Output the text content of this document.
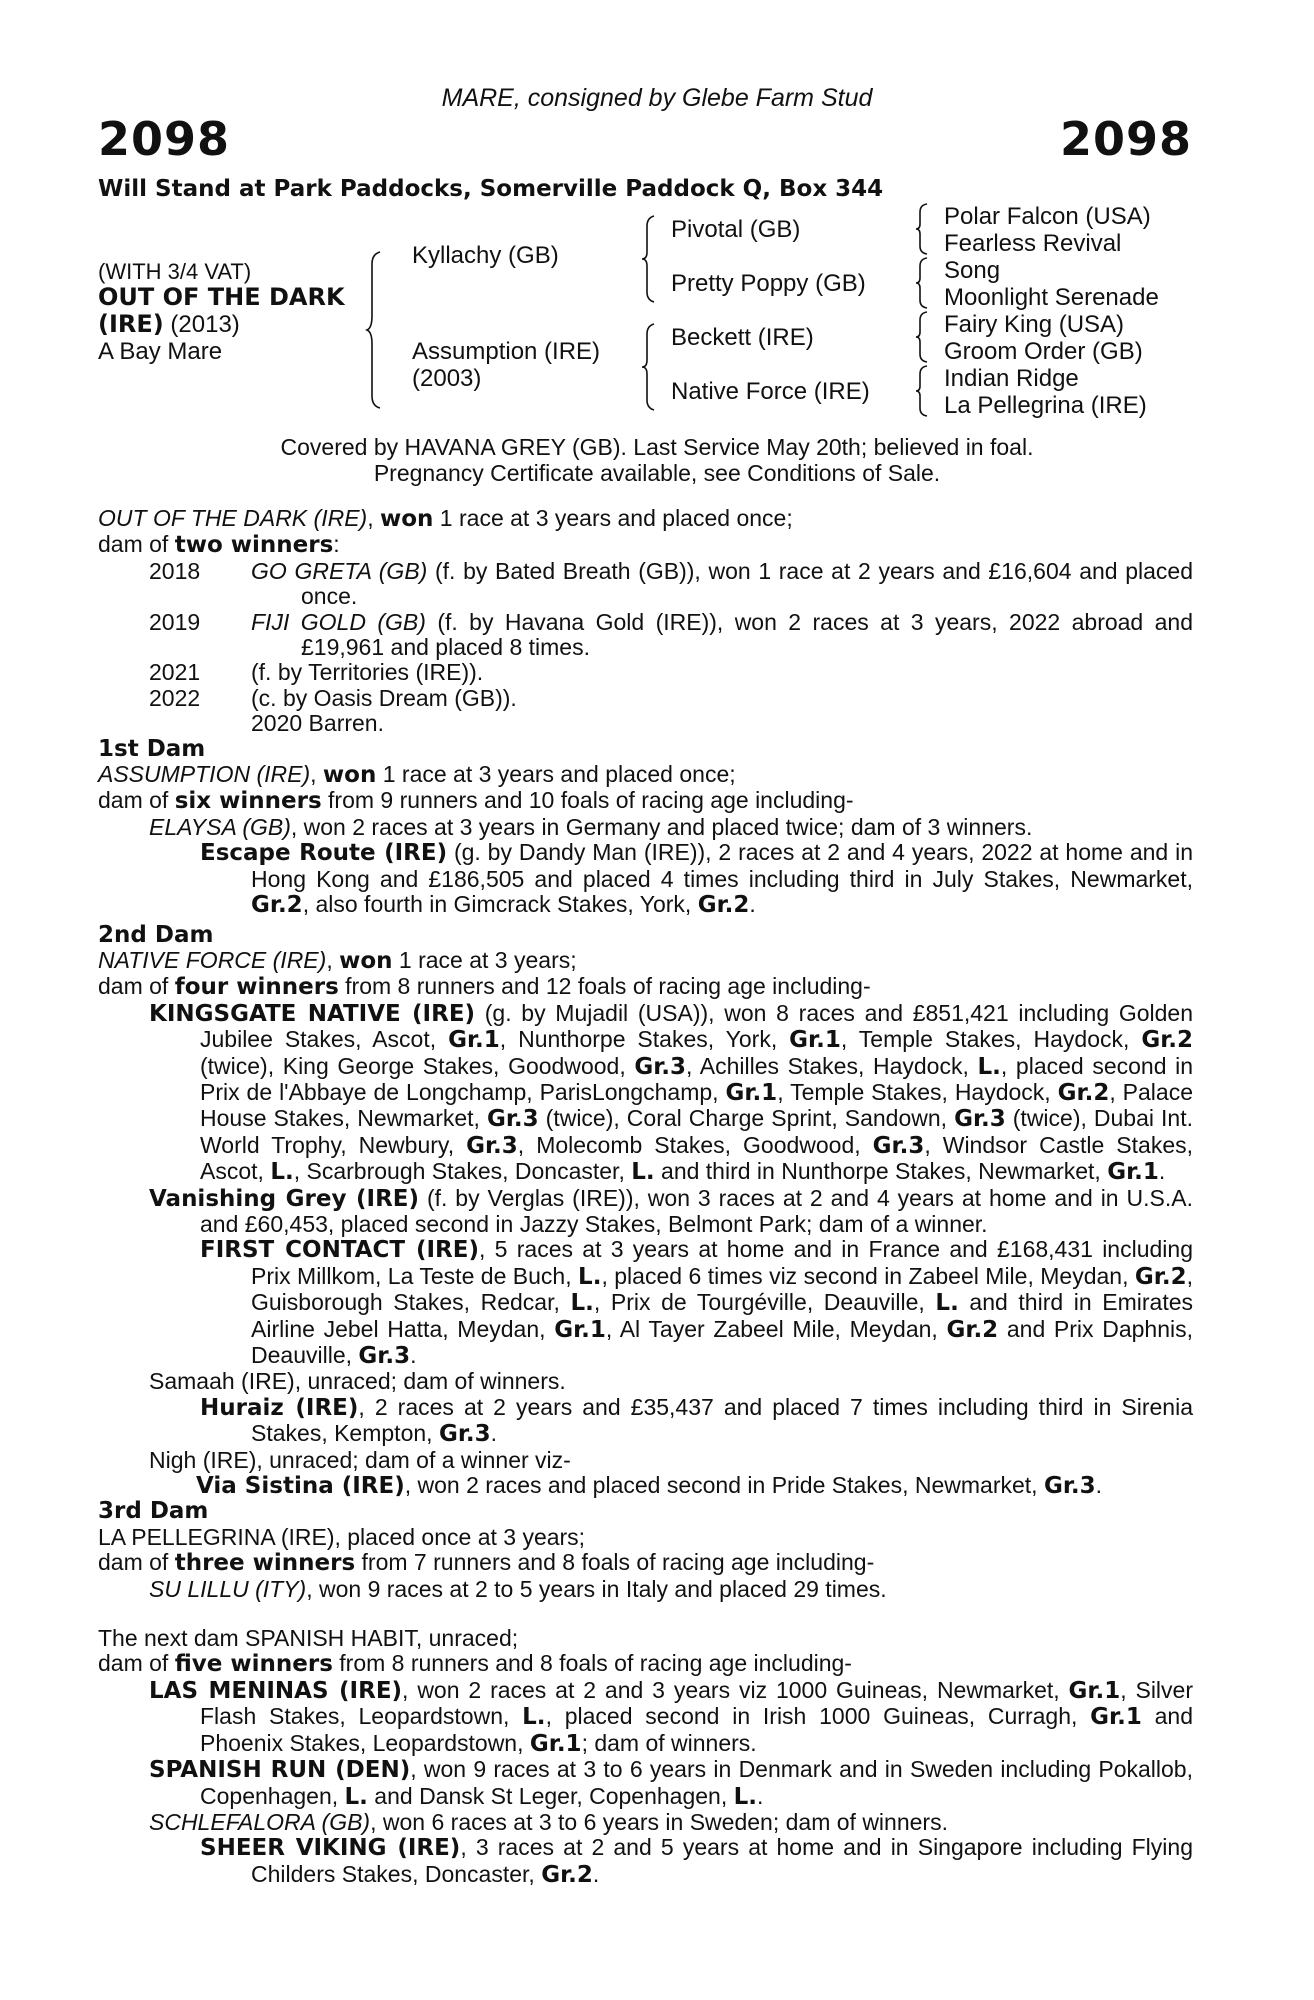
MARE, consigned by Glebe Farm Stud
2098	2098
Will Stand at Park Paddocks, Somerville Paddock Q, Box 344
(WITH 3/4 VAT)
OUT OF THE DARK
(IRE) (2013)
A Bay Mare
Kyllachy (GB)
Assumption (IRE)
(2003)
Pivotal (GB)
Pretty Poppy (GB)
Beckett (IRE)
Native Force (IRE)
Polar Falcon (USA)
Fearless Revival
Song
Moonlight Serenade
Fairy King (USA)
Groom Order (GB)
Indian Ridge
La Pellegrina (IRE)
Covered by HAVANA GREY (GB). Last Service May 20th; believed in foal.
Pregnancy Certificate available, see Conditions of Sale.

OUT OF THE DARK (IRE), won 1 race at 3 years and placed once;

dam of two winners:

2018 GO GRETA (GB) (f. by Bated Breath (GB)), won 1 race at 2 years and £16,604 and placed once.

2019 FIJI GOLD (GB) (f. by Havana Gold (IRE)), won 2 races at 3 years, 2022 abroad and £19,961 and placed 8 times.

2021 (f. by Territories (IRE)).

2022 (c. by Oasis Dream (GB)).

2020 Barren.

1st Dam

ASSUMPTION (IRE), won 1 race at 3 years and placed once;

dam of six winners from 9 runners and 10 foals of racing age including-

ELAYSA (GB), won 2 races at 3 years in Germany and placed twice; dam of 3 winners.

Escape Route (IRE) (g. by Dandy Man (IRE)), 2 races at 2 and 4 years, 2022 at home and in Hong Kong and £186,505 and placed 4 times including third in July Stakes, Newmarket, Gr.2, also fourth in Gimcrack Stakes, York, Gr.2.

2nd Dam

NATIVE FORCE (IRE), won 1 race at 3 years;

dam of four winners from 8 runners and 12 foals of racing age including-

KINGSGATE NATIVE (IRE) (g. by Mujadil (USA)), won 8 races and £851,421 including Golden Jubilee Stakes, Ascot, Gr.1, Nunthorpe Stakes, York, Gr.1, Temple Stakes, Haydock, Gr.2 (twice), King George Stakes, Goodwood, Gr.3, Achilles Stakes, Haydock, L., placed second in Prix de l'Abbaye de Longchamp, ParisLongchamp, Gr.1, Temple Stakes, Haydock, Gr.2, Palace House Stakes, Newmarket, Gr.3 (twice), Coral Charge Sprint, Sandown, Gr.3 (twice), Dubai Int. World Trophy, Newbury, Gr.3, Molecomb Stakes, Goodwood, Gr.3, Windsor Castle Stakes, Ascot, L., Scarbrough Stakes, Doncaster, L. and third in Nunthorpe Stakes, Newmarket, Gr.1.

Vanishing Grey (IRE) (f. by Verglas (IRE)), won 3 races at 2 and 4 years at home and in U.S.A. and £60,453, placed second in Jazzy Stakes, Belmont Park; dam of a winner.

FIRST CONTACT (IRE), 5 races at 3 years at home and in France and £168,431 including Prix Millkom, La Teste de Buch, L., placed 6 times viz second in Zabeel Mile, Meydan, Gr.2, Guisborough Stakes, Redcar, L., Prix de Tourgéville, Deauville, L. and third in Emirates Airline Jebel Hatta, Meydan, Gr.1, Al Tayer Zabeel Mile, Meydan, Gr.2 and Prix Daphnis, Deauville, Gr.3.

Samaah (IRE), unraced; dam of winners.

Huraiz (IRE), 2 races at 2 years and £35,437 and placed 7 times including third in Sirenia Stakes, Kempton, Gr.3.

Nigh (IRE), unraced; dam of a winner viz-

Via Sistina (IRE), won 2 races and placed second in Pride Stakes, Newmarket, Gr.3.

3rd Dam

LA PELLEGRINA (IRE), placed once at 3 years;

dam of three winners from 7 runners and 8 foals of racing age including-

SU LILLU (ITY), won 9 races at 2 to 5 years in Italy and placed 29 times.

The next dam SPANISH HABIT, unraced;

dam of five winners from 8 runners and 8 foals of racing age including-

LAS MENINAS (IRE), won 2 races at 2 and 3 years viz 1000 Guineas, Newmarket, Gr.1, Silver Flash Stakes, Leopardstown, L., placed second in Irish 1000 Guineas, Curragh, Gr.1 and Phoenix Stakes, Leopardstown, Gr.1; dam of winners.

SPANISH RUN (DEN), won 9 races at 3 to 6 years in Denmark and in Sweden including Pokallob, Copenhagen, L. and Dansk St Leger, Copenhagen, L..

SCHLEFALORA (GB), won 6 races at 3 to 6 years in Sweden; dam of winners.

SHEER VIKING (IRE), 3 races at 2 and 5 years at home and in Singapore including Flying Childers Stakes, Doncaster, Gr.2.
